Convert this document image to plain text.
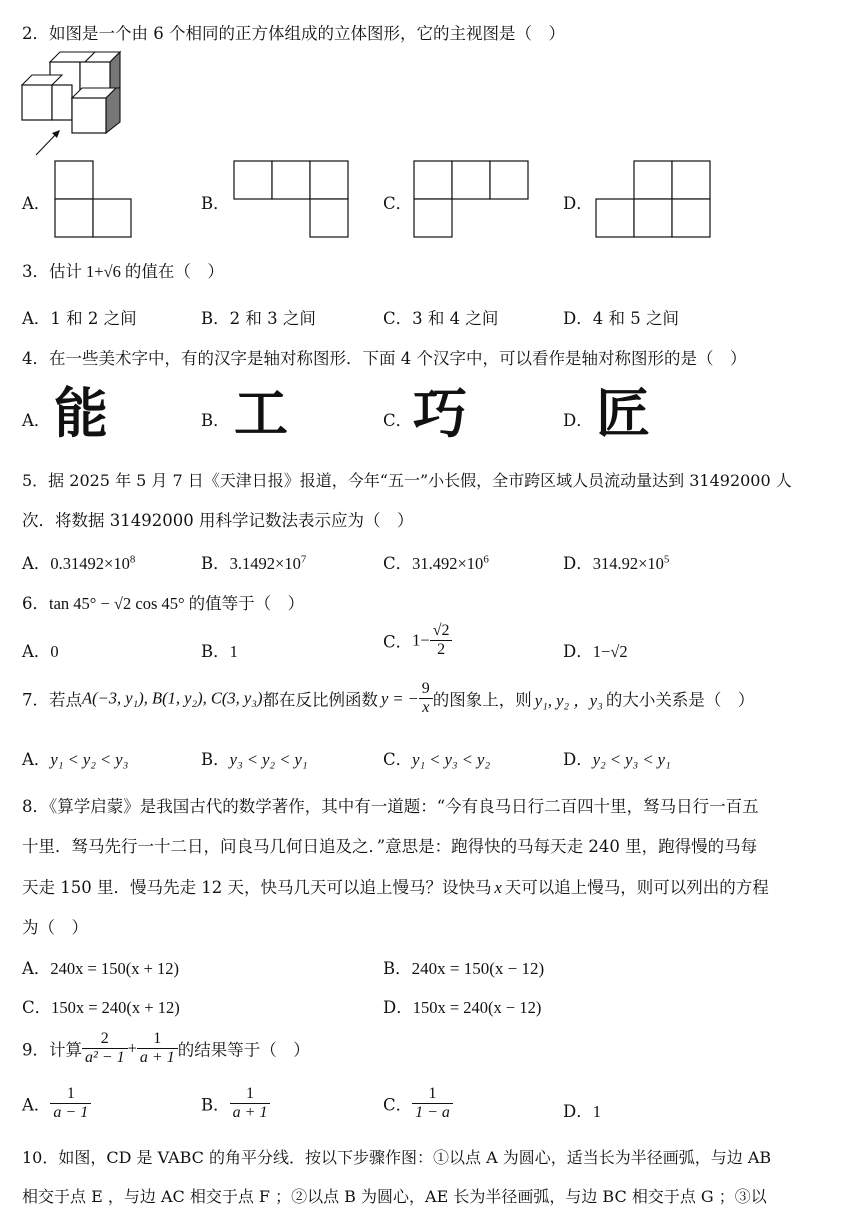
2．如图是一个由 6 个相同的正方体组成的立体图形，它的主视图是（　）
A．	B．	C．	D．
3．估计 1+√6 的值在（　）
A．1 和 2 之间	B．2 和 3 之间	C．3 和 4 之间	D．4 和 5 之间
4．在一些美术字中，有的汉字是轴对称图形．下面 4 个汉字中，可以看作是轴对称图形的是（　）
A． 能	B． 工	C． 巧	D． 匠
5．据 2025 年 5 月 7 日《天津日报》报道，今年“五一”小长假，全市跨区域人员流动量达到 31492000 人
次．将数据 31492000 用科学记数法表示应为（　）
A．$0.31492\times 10^8$	B．$3.1492\times 10^7$	C．$31.492\times 10^6$	D．$314.92\times 10^5$
6．tan 45° − √2 cos 45° 的值等于（　）
A．0	B．1	C．$1- \frac{√2}{2}$	D．1−√2
7．若点A(−3, y₁), B(1, y₂), C(3, y₃)都在反比例函数 y = − $\frac{9}{x}$ 的图象上，则 y₁, y₂ ，y₃ 的大小关系是（　）
A．y₁ < y₂ < y₃	B．y₃ < y₂ < y₁	C．y₁ < y₃ < y₂	D．y₂ < y₃ < y₁
8．《算学启蒙》是我国古代的数学著作，其中有一道题：“今有良马日行二百四十里，驽马日行一百五
十里．驽马先行一十二日，问良马几何日追及之．”意思是：跑得快的马每天走 240 里，跑得慢的马每
天走 150 里．慢马先走 12 天，快马几天可以追上慢马？设快马 x 天可以追上慢马，则可以列出的方程
为（　）
A．240x = 150(x + 12)	B．240x = 150(x − 12)
C．150x = 240(x + 12)	D．150x = 240(x − 12)
9．计算 $\frac{2}{\text{a² − 1}} + \frac{1}{a + 1}$ 的结果等于（　）
A． $\frac{1}{a - 1}$	B． $\frac{1}{a + 1}$	C． $\frac{1}{1 - a}$	D．1
10．如图，CD 是 VABC 的角平分线．按以下步骤作图：①以点 A 为圆心，适当长为半径画弧，与边 AB
相交于点 E ，与边 AC 相交于点 F ；②以点 B 为圆心，AE 长为半径画弧，与边 BC 相交于点 G ；③以
